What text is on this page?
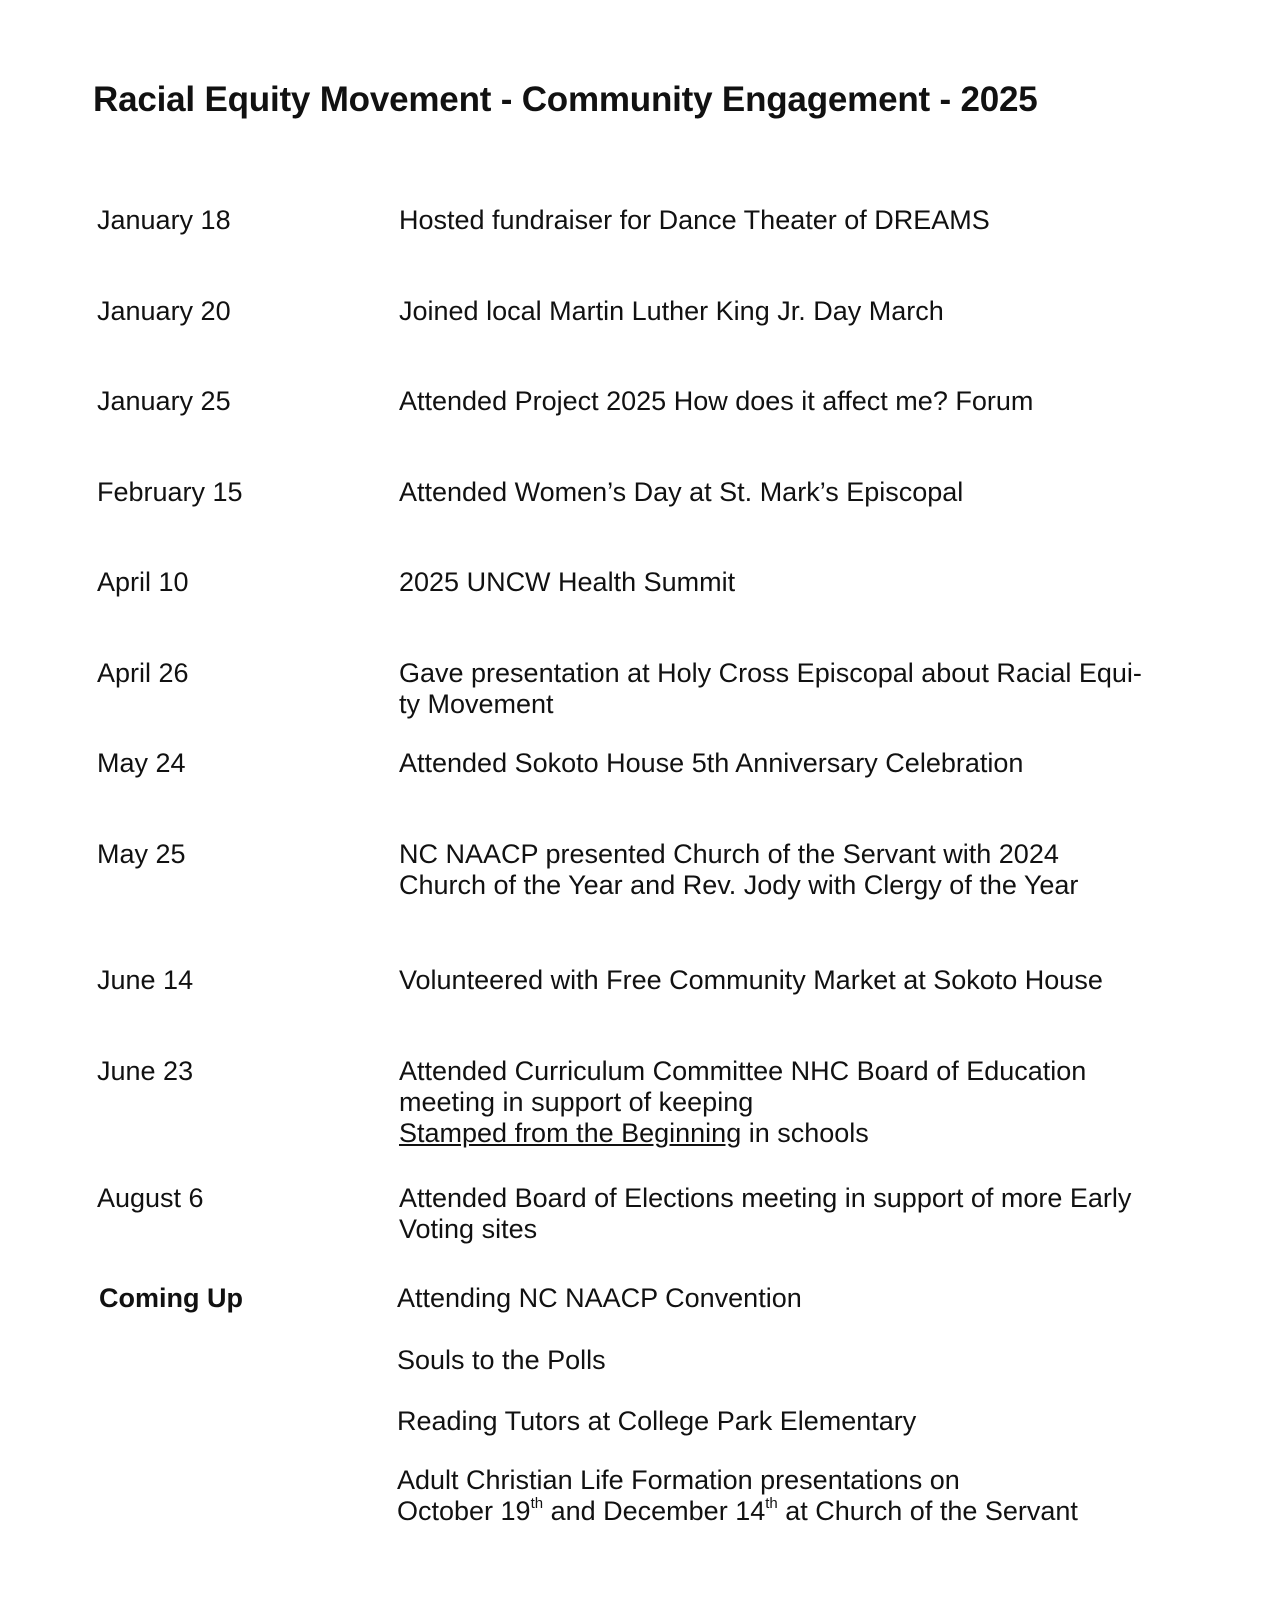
Racial Equity Movement - Community Engagement - 2025
January 18	Hosted fundraiser for Dance Theater of DREAMS
January 20	Joined local Martin Luther King Jr. Day March
January 25	Attended Project 2025 How does it affect me? Forum
February 15	Attended Women’s Day at St. Mark’s Episcopal
April 10	2025 UNCW Health Summit
April 26	Gave presentation at Holy Cross Episcopal about Racial Equi-
ty Movement
May 24	Attended Sokoto House 5th Anniversary Celebration
May 25	NC NAACP presented Church of the Servant with 2024
Church of the Year and Rev. Jody with Clergy of the Year
June 14	Volunteered with Free Community Market at Sokoto House
June 23	Attended Curriculum Committee NHC Board of Education
meeting in support of keeping
Stamped from the Beginning in schools
August 6	Attended Board of Elections meeting in support of more Early
Voting sites
Coming Up	Attending NC NAACP Convention
Souls to the Polls
Reading Tutors at College Park Elementary
Adult Christian Life Formation presentations on
October 19th and December 14th at Church of the Servant
